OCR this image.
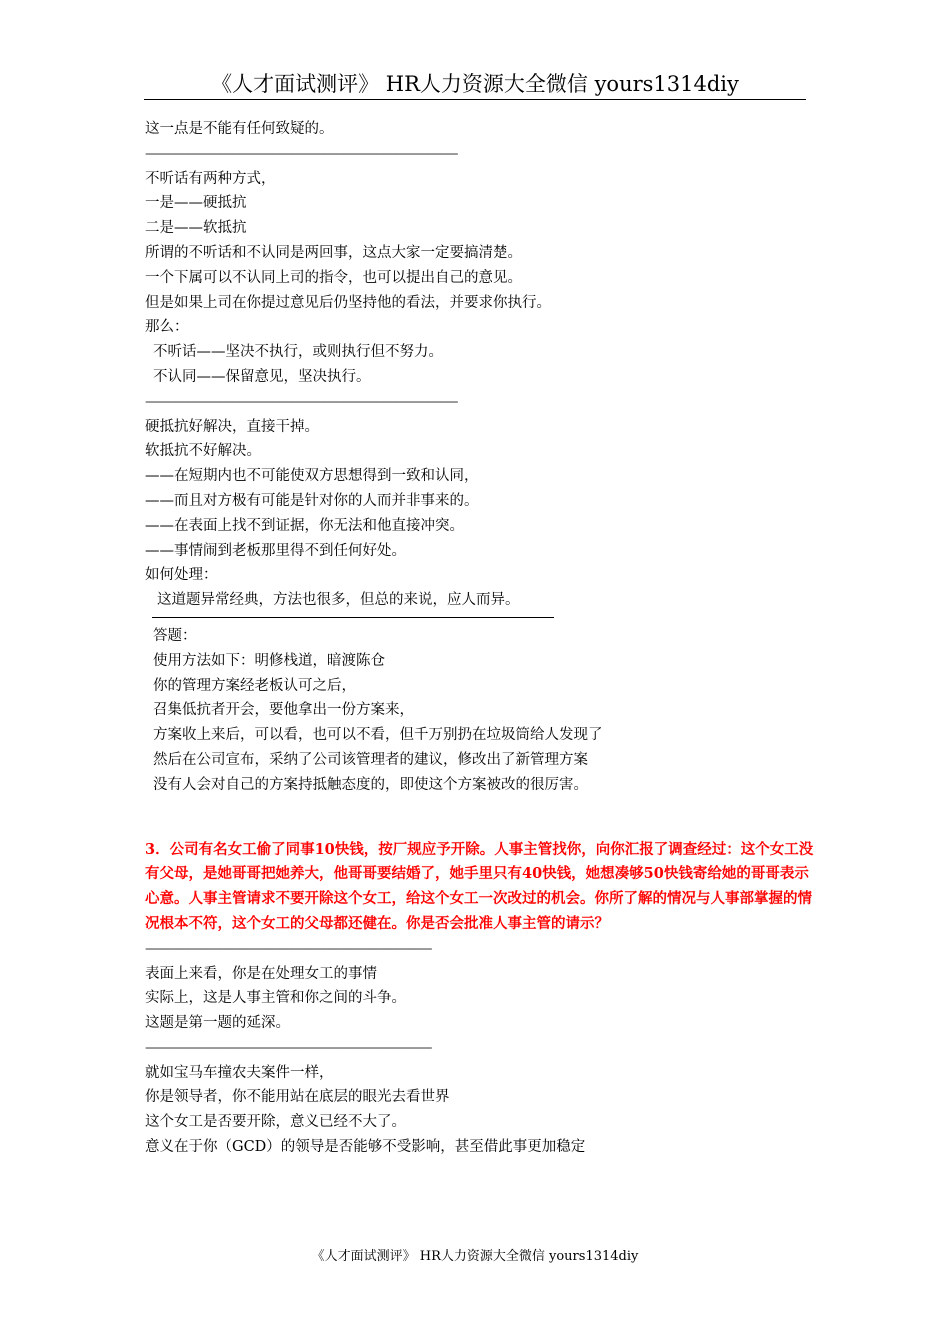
《人才面试测评》 HR人力资源大全微信 yours1314diy
这一点是不能有任何致疑的。
————————————————————————
不听话有两种方式，
一是——硬抵抗
二是——软抵抗
所谓的不听话和不认同是两回事，这点大家一定要搞清楚。
一个下属可以不认同上司的指令，也可以提出自己的意见。
但是如果上司在你提过意见后仍坚持他的看法，并要求你执行。
那么：
不听话——坚决不执行，或则执行但不努力。
不认同——保留意见，坚决执行。
————————————————————————
硬抵抗好解决，直接干掉。
软抵抗不好解决。
——在短期内也不可能使双方思想得到一致和认同，
——而且对方极有可能是针对你的人而并非事来的。
——在表面上找不到证据，你无法和他直接冲突。
——事情闹到老板那里得不到任何好处。
如何处理：
这道题异常经典，方法也很多，但总的来说，应人而异。
答题：
使用方法如下：明修栈道，暗渡陈仓
你的管理方案经老板认可之后，
召集低抗者开会，要他拿出一份方案来，
方案收上来后，可以看，也可以不看，但千万别扔在垃圾筒给人发现了
然后在公司宣布，采纳了公司该管理者的建议，修改出了新管理方案
没有人会对自己的方案持抵触态度的，即使这个方案被改的很厉害。
3．公司有名女工偷了同事10快钱，按厂规应予开除。人事主管找你，向你汇报了调查经过：这个女工没有父母，是她哥哥把她养大，他哥哥要结婚了，她手里只有40快钱，她想凑够50快钱寄给她的哥哥表示心意。人事主管请求不要开除这个女工，给这个女工一次改过的机会。你所了解的情况与人事部掌握的情况根本不符，这个女工的父母都还健在。你是否会批准人事主管的请示？
——————————————————————
表面上来看，你是在处理女工的事情
实际上，这是人事主管和你之间的斗争。
这题是第一题的延深。
——————————————————————
就如宝马车撞农夫案件一样，
你是领导者，你不能用站在底层的眼光去看世界
这个女工是否要开除，意义已经不大了。
意义在于你（GCD）的领导是否能够不受影响，甚至借此事更加稳定
《人才面试测评》 HR人力资源大全微信 yours1314diy
